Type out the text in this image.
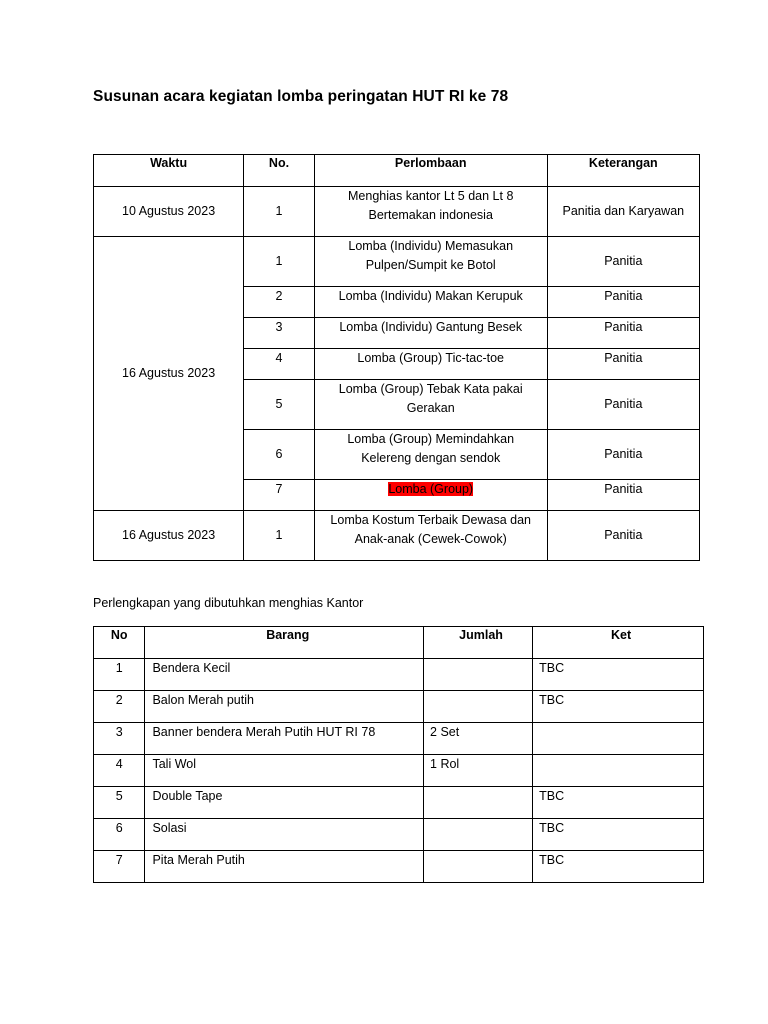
Susunan acara kegiatan lomba peringatan HUT RI ke 78
Waktu	No.	Perlombaan	Keterangan
10 Agustus 2023	1	Menghias kantor Lt 5 dan Lt 8
Bertemakan indonesia	Panitia dan Karyawan
16 Agustus 2023	1	Lomba (Individu) Memasukan
Pulpen/Sumpit ke Botol	Panitia
	2	Lomba (Individu) Makan Kerupuk	Panitia
	3	Lomba (Individu) Gantung Besek	Panitia
	4	Lomba (Group) Tic-tac-toe	Panitia
	5	Lomba (Group) Tebak Kata pakai
Gerakan	Panitia
	6	Lomba (Group) Memindahkan
Kelereng dengan sendok	Panitia
	7	Lomba (Group)	Panitia
16 Agustus 2023	1	Lomba Kostum Terbaik Dewasa dan
Anak-anak (Cewek-Cowok)	Panitia
Perlengkapan yang dibutuhkan menghias Kantor
No	Barang	Jumlah	Ket
1	Bendera Kecil		TBC
2	Balon Merah putih		TBC
3	Banner bendera Merah Putih HUT RI 78	2 Set	
4	Tali Wol	1 Rol	
5	Double Tape		TBC
6	Solasi		TBC
7	Pita Merah Putih		TBC
